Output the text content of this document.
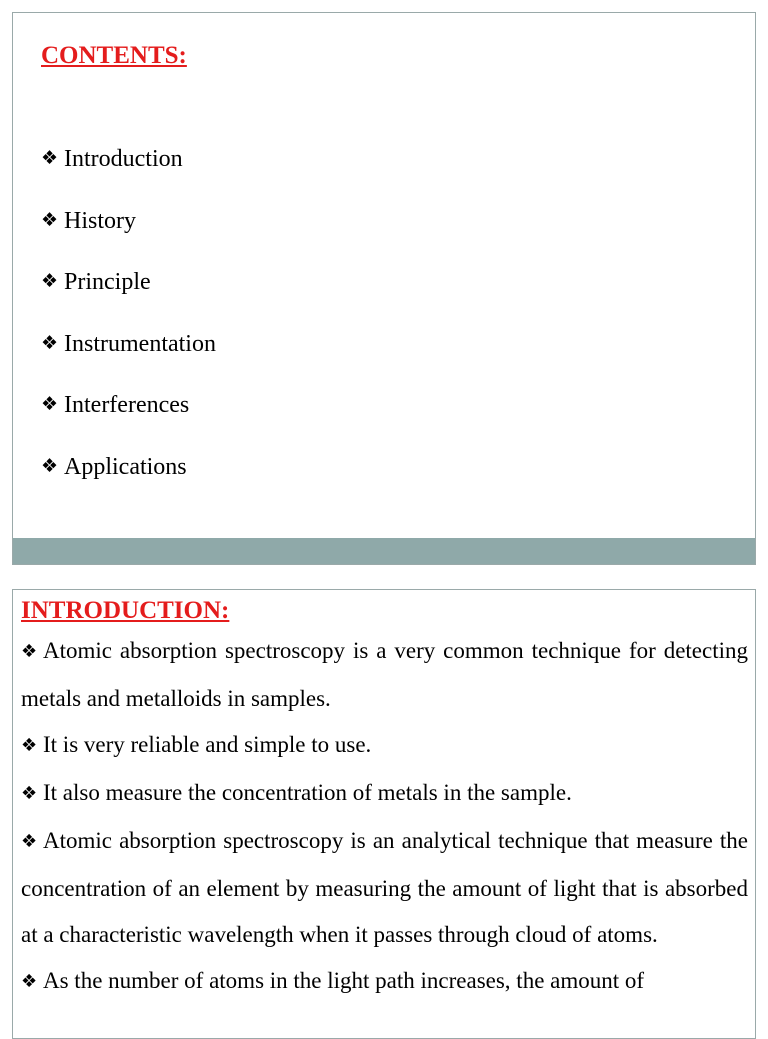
CONTENTS:
❖ Introduction
❖ History
❖ Principle
❖ Instrumentation
❖ Interferences
❖ Applications
INTRODUCTION:

❖ Atomic absorption spectroscopy is a very common technique for detecting metals and metalloids in samples.

❖ It is very reliable and simple to use.

❖ It also measure the concentration of metals in the sample.

❖ Atomic absorption spectroscopy is an analytical technique that measure the concentration of an element by measuring the amount of light that is absorbed at a characteristic wavelength when it passes through cloud of atoms.

❖ As the number of atoms in the light path increases, the amount of
